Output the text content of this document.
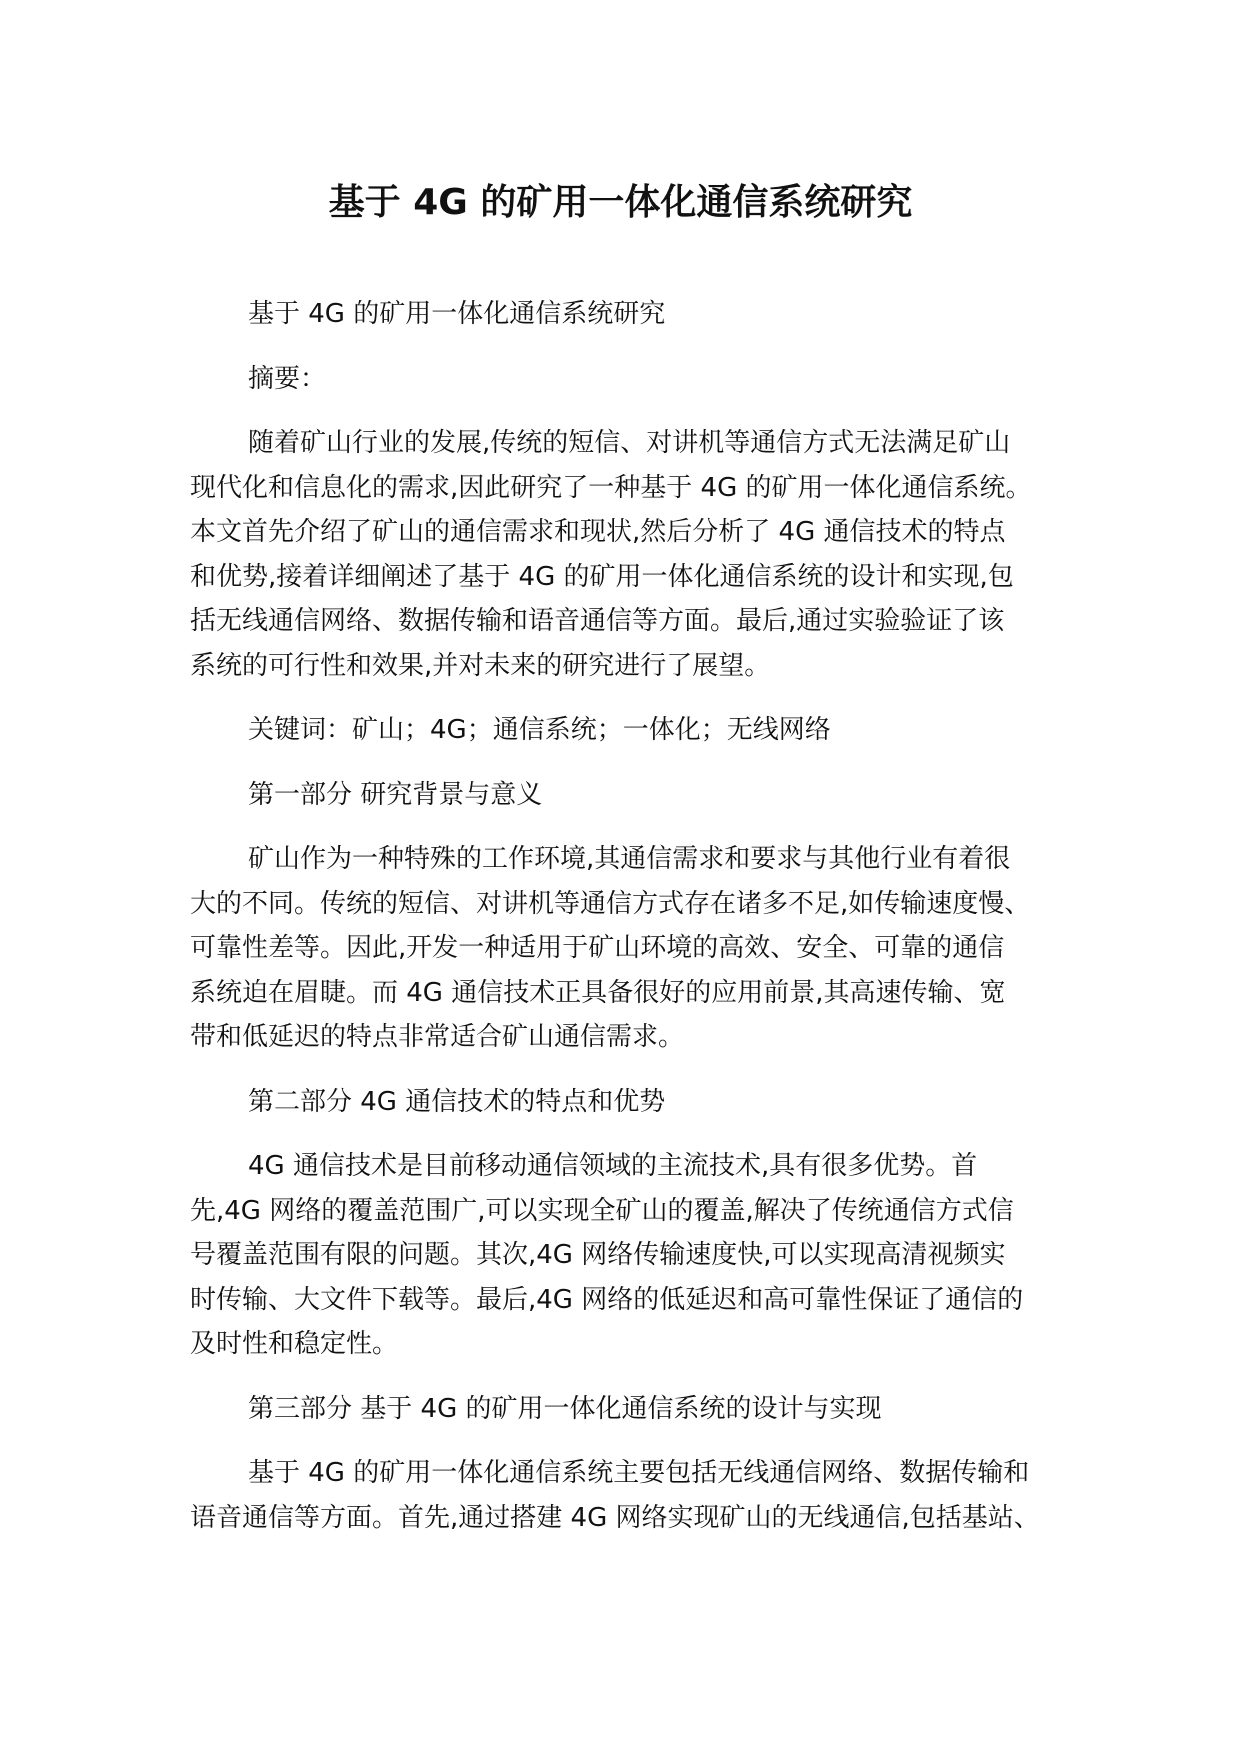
基于 4G 的矿用一体化通信系统研究
基于 4G 的矿用一体化通信系统研究
摘要：
随着矿山行业的发展,传统的短信、对讲机等通信方式无法满足矿山
现代化和信息化的需求,因此研究了一种基于 4G 的矿用一体化通信系统。
本文首先介绍了矿山的通信需求和现状,然后分析了 4G 通信技术的特点
和优势,接着详细阐述了基于 4G 的矿用一体化通信系统的设计和实现,包
括无线通信网络、数据传输和语音通信等方面。最后,通过实验验证了该
系统的可行性和效果,并对未来的研究进行了展望。
关键词：矿山；4G；通信系统；一体化；无线网络
第一部分 研究背景与意义
矿山作为一种特殊的工作环境,其通信需求和要求与其他行业有着很
大的不同。传统的短信、对讲机等通信方式存在诸多不足,如传输速度慢、
可靠性差等。因此,开发一种适用于矿山环境的高效、安全、可靠的通信
系统迫在眉睫。而 4G 通信技术正具备很好的应用前景,其高速传输、宽
带和低延迟的特点非常适合矿山通信需求。
第二部分 4G 通信技术的特点和优势
4G 通信技术是目前移动通信领域的主流技术,具有很多优势。首
先,4G 网络的覆盖范围广,可以实现全矿山的覆盖,解决了传统通信方式信
号覆盖范围有限的问题。其次,4G 网络传输速度快,可以实现高清视频实
时传输、大文件下载等。最后,4G 网络的低延迟和高可靠性保证了通信的
及时性和稳定性。
第三部分 基于 4G 的矿用一体化通信系统的设计与实现
基于 4G 的矿用一体化通信系统主要包括无线通信网络、数据传输和
语音通信等方面。首先,通过搭建 4G 网络实现矿山的无线通信,包括基站、
